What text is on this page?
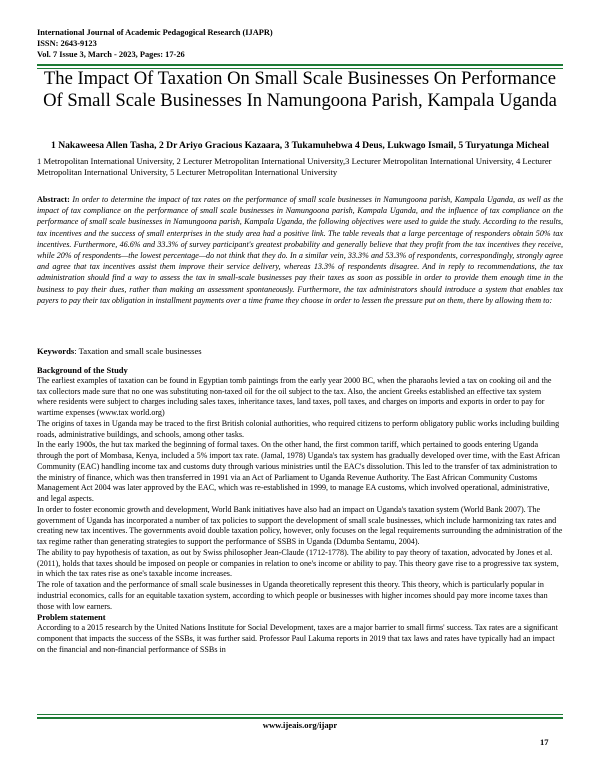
International Journal of Academic Pedagogical Research (IJAPR)
ISSN: 2643-9123
Vol. 7 Issue 3, March - 2023, Pages: 17-26
The Impact Of Taxation On Small Scale Businesses On Performance Of Small Scale Businesses In Namungoona Parish, Kampala Uganda
1 Nakaweesa Allen Tasha, 2 Dr Ariyo Gracious Kazaara, 3 Tukamuhebwa 4 Deus, Lukwago Ismail, 5 Turyatunga Micheal
1 Metropolitan International University, 2 Lecturer Metropolitan International University,3 Lecturer Metropolitan International University, 4 Lecturer Metropolitan International University, 5 Lecturer Metropolitan International University
Abstract: In order to determine the impact of tax rates on the performance of small scale businesses in Namungoona parish, Kampala Uganda, as well as the impact of tax compliance on the performance of small scale businesses in Namungoona parish, Kampala Uganda, and the influence of tax compliance on the performance of small scale businesses in Namungoona parish, Kampala Uganda, the following objectives were used to guide the study. According to the results, tax incentives and the success of small enterprises in the study area had a positive link. The table reveals that a large percentage of responders obtain 50% tax incentives. Furthermore, 46.6% and 33.3% of survey participant's greatest probability and generally believe that they profit from the tax incentives they receive, while 20% of respondents—the lowest percentage—do not think that they do. In a similar vein, 33.3% and 53.3% of respondents, correspondingly, strongly agree and agree that tax incentives assist them improve their service delivery, whereas 13.3% of respondents disagree. And in reply to recommendations, the tax administration should find a way to assess the tax in small-scale businesses pay their taxes as soon as possible in order to provide them enough time in the business to pay their dues, rather than making an assessment spontaneously. Furthermore, the tax administrators should introduce a system that enables tax payers to pay their tax obligation in installment payments over a time frame they choose in order to lessen the pressure put on them, there by allowing them to:
Keywords: Taxation and small scale businesses

Background of the Study

The earliest examples of taxation can be found in Egyptian tomb paintings from the early year 2000 BC, when the pharaohs levied a tax on cooking oil and the tax collectors made sure that no one was substituting non-taxed oil for the oil subject to the tax. Also, the ancient Greeks established an effective tax system where residents were subject to charges including sales taxes, inheritance taxes, land taxes, poll taxes, and charges on imports and exports in order to pay for wartime expenses (www.tax world.org)

The origins of taxes in Uganda may be traced to the first British colonial authorities, who required citizens to perform obligatory public works including building roads, administrative buildings, and schools, among other tasks.

In the early 1900s, the hut tax marked the beginning of formal taxes. On the other hand, the first common tariff, which pertained to goods entering Uganda through the port of Mombasa, Kenya, included a 5% import tax rate. (Jamal, 1978) Uganda's tax system has gradually developed over time, with the East African Community (EAC) handling income tax and customs duty through various ministries until the EAC's dissolution. This led to the transfer of tax administration to the ministry of finance, which was then transferred in 1991 via an Act of Parliament to Uganda Revenue Authority. The East African Community Customs Management Act 2004 was later approved by the EAC, which was re-established in 1999, to manage EA customs, which involved operational, administrative, and legal aspects.

In order to foster economic growth and development, World Bank initiatives have also had an impact on Uganda's taxation system (World Bank 2007). The government of Uganda has incorporated a number of tax policies to support the development of small scale businesses, which include harmonizing tax rates and creating new tax incentives. The governments avoid double taxation policy, however, only focuses on the legal requirements surrounding the administration of the tax regime rather than generating strategies to support the performance of SSBS in Uganda (Ddumba Sentamu, 2004).

The ability to pay hypothesis of taxation, as out by Swiss philosopher Jean-Claude (1712-1778). The ability to pay theory of taxation, advocated by Jones et al. (2011), holds that taxes should be imposed on people or companies in relation to one's income or ability to pay. This theory gave rise to a progressive tax system, in which the tax rates rise as one's taxable income increases.

The role of taxation and the performance of small scale businesses in Uganda theoretically represent this theory. This theory, which is particularly popular in industrial economics, calls for an equitable taxation system, according to which people or businesses with higher incomes should pay more income taxes than those with low earners.

Problem statement

According to a 2015 research by the United Nations Institute for Social Development, taxes are a major barrier to small firms' success. Tax rates are a significant component that impacts the success of the SSBs, it was further said. Professor Paul Lakuma reports in 2019 that tax laws and rates have typically had an impact on the financial and non-financial performance of SSBs in

www.ijeais.org/ijapr
17
